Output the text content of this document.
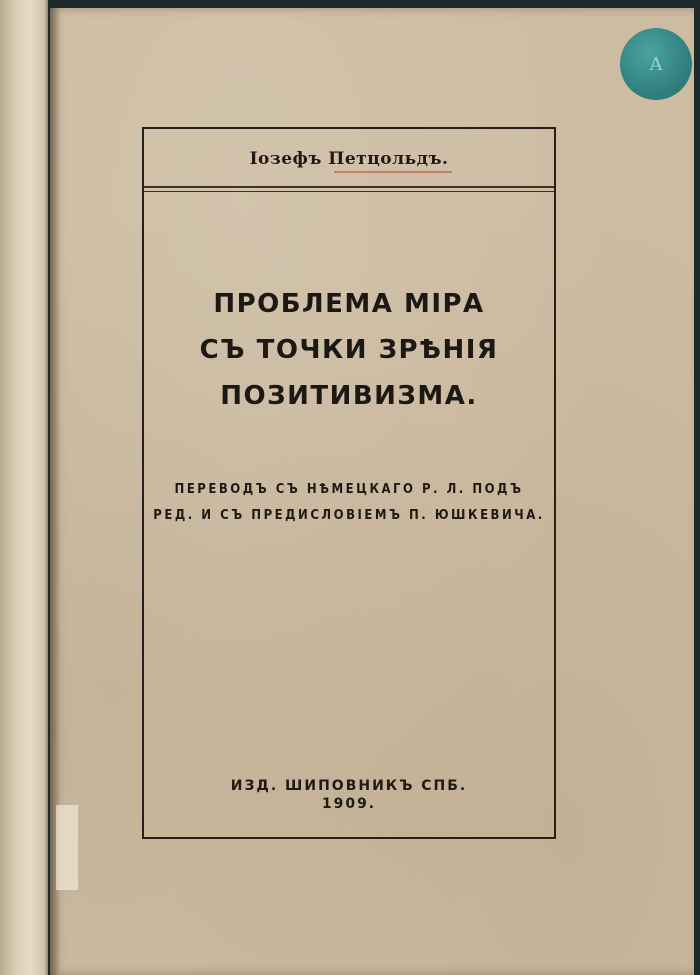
A
Іозефъ Петцольдъ.
ПРОБЛЕМА МІРА
СЪ ТОЧКИ ЗРѢНІЯ
ПОЗИТИВИЗМА.
ПЕРЕВОДЪ СЪ НѢМЕЦКАГО Р. Л. ПОДЪ
РЕД. И СЪ ПРЕДИСЛОВІЕМЪ П. ЮШКЕВИЧА.
ИЗД. ШИПОВНИКЪ СПБ.
1909.
